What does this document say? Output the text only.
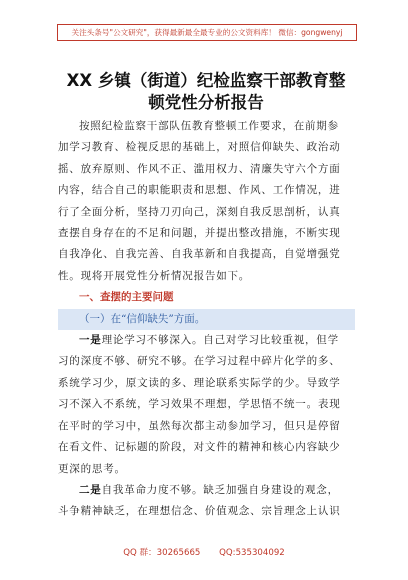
关注头条号"公文研究"，获得最新最全最专业的公文资料库！ 微信：gongwenyj
XX 乡镇（街道）纪检监察干部教育整顿党性分析报告

按照纪检监察干部队伍教育整顿工作要求，在前期参
加学习教育、检视反思的基础上，对照信仰缺失、政治动
摇、放弃原则、作风不正、滥用权力、清廉失守六个方面
内容，结合自己的职能职责和思想、作风、工作情况，进
行了全面分析，坚持刀刃向己，深刻自我反思剖析，认真
查摆自身存在的不足和问题，并提出整改措施，不断实现
自我净化、自我完善、自我革新和自我提高，自觉增强党
性。现将开展党性分析情况报告如下。

一、查摆的主要问题
（一）在“信仰缺失”方面。

一是理论学习不够深入。自己对学习比较重视，但学
习的深度不够、研究不够。在学习过程中碎片化学的多、
系统学习少，原文读的多、理论联系实际学的少。导致学
习不深入不系统，学习效果不理想，学思悟不统一。表现
在平时的学习中，虽然每次都主动参加学习，但只是停留
在看文件、记标题的阶段，对文件的精神和核心内容缺少
更深的思考。

二是自我革命力度不够。缺乏加强自身建设的观念，
斗争精神缺乏，在理想信念、价值观念、宗旨理念上认识

QQ 群：30265665 QQ:535304092
